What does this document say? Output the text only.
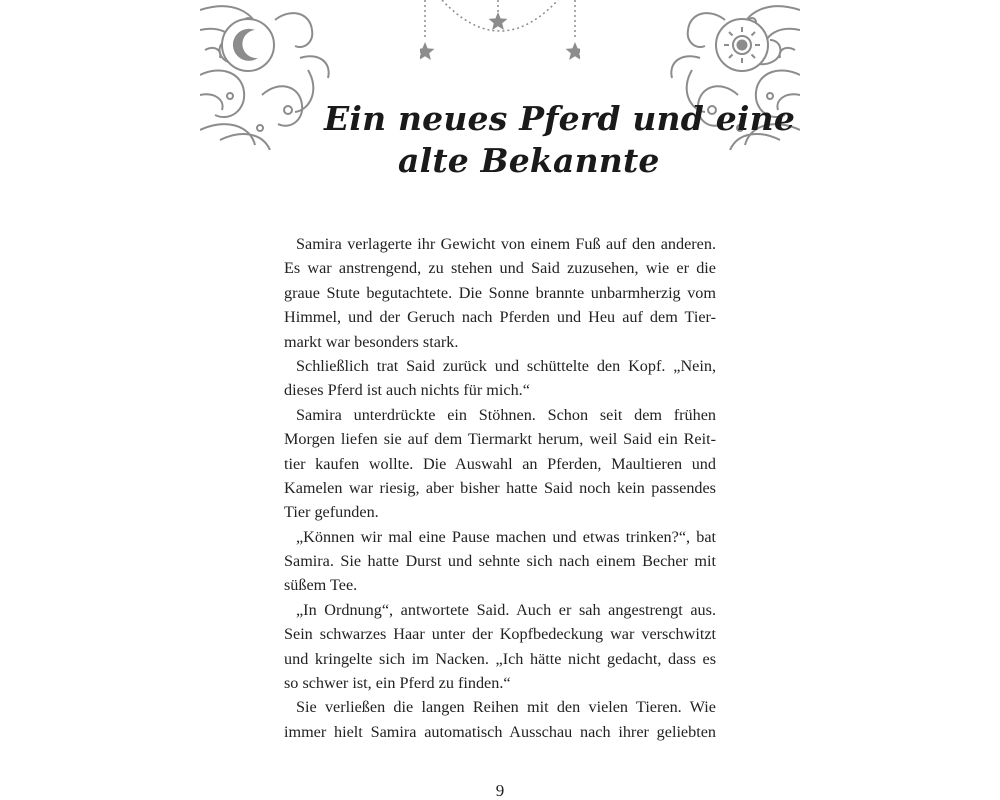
Ein neues Pferd und eine
alte Bekannte
Samira verlagerte ihr Gewicht von einem Fuß auf den anderen.
Es war anstrengend, zu stehen und Said zuzusehen, wie er die
graue Stute begutachtete. Die Sonne brannte unbarmherzig vom
Himmel, und der Geruch nach Pferden und Heu auf dem Tier-
markt war besonders stark.
Schließlich trat Said zurück und schüttelte den Kopf. „Nein,
dieses Pferd ist auch nichts für mich.“
Samira unterdrückte ein Stöhnen. Schon seit dem frühen
Morgen liefen sie auf dem Tiermarkt herum, weil Said ein Reit-
tier kaufen wollte. Die Auswahl an Pferden, Maultieren und
Kamelen war riesig, aber bisher hatte Said noch kein passendes
Tier gefunden.
„Können wir mal eine Pause machen und etwas trinken?“, bat
Samira. Sie hatte Durst und sehnte sich nach einem Becher mit
süßem Tee.
„In Ordnung“, antwortete Said. Auch er sah angestrengt aus.
Sein schwarzes Haar unter der Kopfbedeckung war verschwitzt
und kringelte sich im Nacken. „Ich hätte nicht gedacht, dass es
so schwer ist, ein Pferd zu finden.“
Sie verließen die langen Reihen mit den vielen Tieren. Wie
immer hielt Samira automatisch Ausschau nach ihrer geliebten
9
